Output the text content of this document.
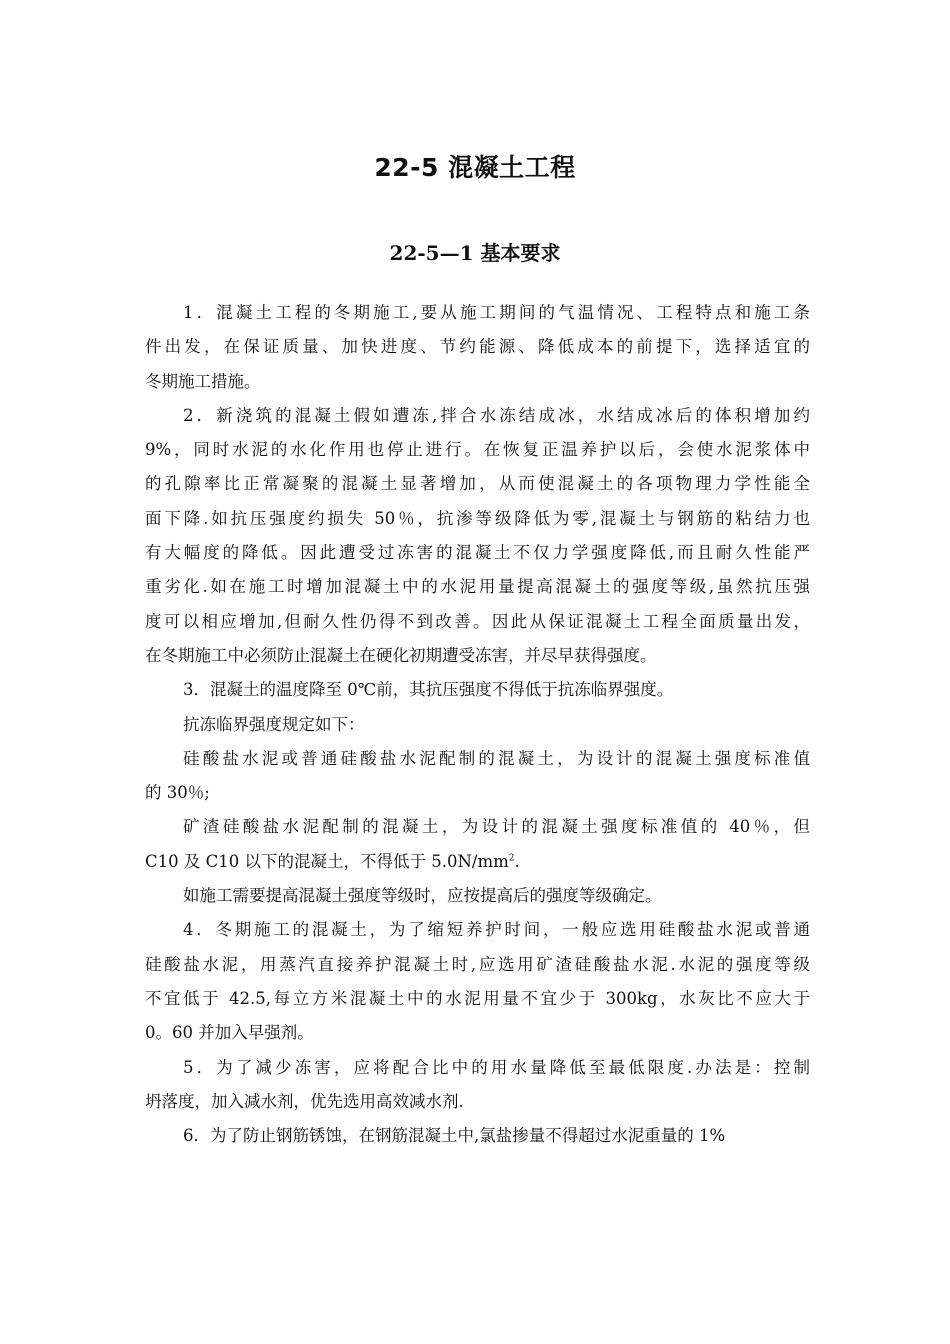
22-5 混凝土工程
22-5—1 基本要求

1．混凝土工程的冬期施工,要从施工期间的气温情况、工程特点和施工条
件出发，在保证质量、加快进度、节约能源、降低成本的前提下，选择适宜的
冬期施工措施。

2．新浇筑的混凝土假如遭冻,拌合水冻结成冰，水结成冰后的体积增加约
9%，同时水泥的水化作用也停止进行。在恢复正温养护以后，会使水泥浆体中
的孔隙率比正常凝聚的混凝土显著增加，从而使混凝土的各项物理力学性能全
面下降.如抗压强度约损失 50％，抗渗等级降低为零,混凝土与钢筋的粘结力也
有大幅度的降低。因此遭受过冻害的混凝土不仅力学强度降低,而且耐久性能严
重劣化.如在施工时增加混凝土中的水泥用量提高混凝土的强度等级,虽然抗压强
度可以相应增加,但耐久性仍得不到改善。因此从保证混凝土工程全面质量出发，
在冬期施工中必须防止混凝土在硬化初期遭受冻害，并尽早获得强度。

3．混凝土的温度降至 0℃前，其抗压强度不得低于抗冻临界强度。

抗冻临界强度规定如下：

硅酸盐水泥或普通硅酸盐水泥配制的混凝土，为设计的混凝土强度标准值
的 30％;

矿渣硅酸盐水泥配制的混凝土，为设计的混凝土强度标准值的 40％，但
C10 及 C10 以下的混凝土，不得低于 $5.0N/mm^2$.

如施工需要提高混凝土强度等级时，应按提高后的强度等级确定。

4．冬期施工的混凝土，为了缩短养护时间，一般应选用硅酸盐水泥或普通
硅酸盐水泥，用蒸汽直接养护混凝土时,应选用矿渣硅酸盐水泥.水泥的强度等级
不宜低于 42.5,每立方米混凝土中的水泥用量不宜少于 300kg，水灰比不应大于
0。60 并加入早强剂。

5．为了减少冻害，应将配合比中的用水量降低至最低限度.办法是：控制
坍落度，加入减水剂，优先选用高效减水剂.

6．为了防止钢筋锈蚀，在钢筋混凝土中,氯盐掺量不得超过水泥重量的 1%
